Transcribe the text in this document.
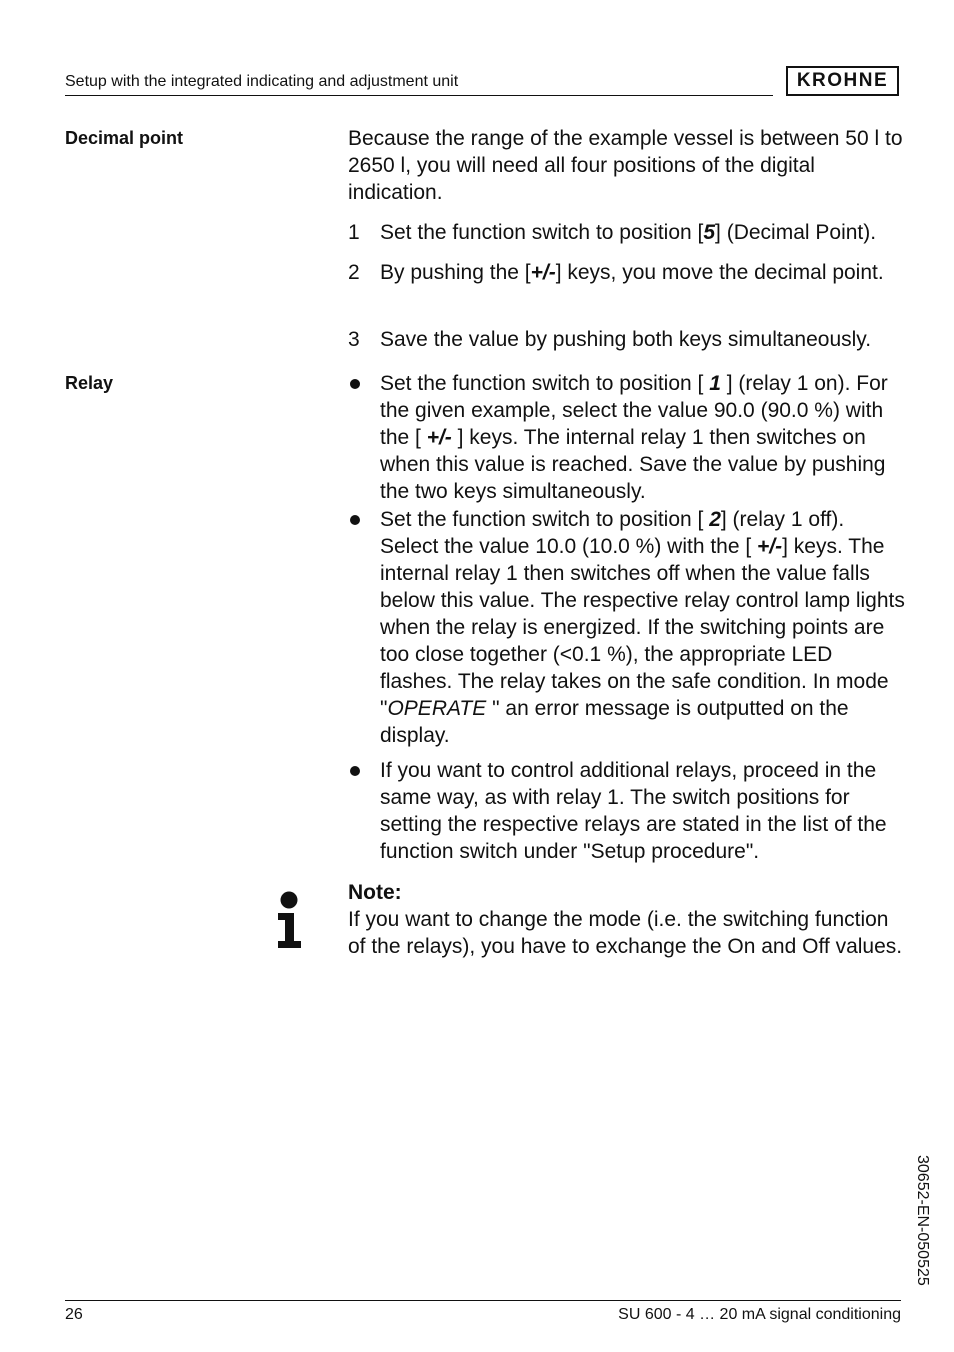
Setup with the integrated indicating and adjustment unit	KROHNE
Decimal point	Because the range of the example vessel is between 50 l to 2650 l, you will need all four positions of the digital indication.
1 Set the function switch to position [5] (Decimal Point).
2 By pushing the [+/-] keys, you move the decimal point.
3 Save the value by pushing both keys simultaneously.
Relay	Set the function switch to position [ 1 ] (relay 1 on). For the given example, select the value 90.0 (90.0 %) with the [ +/- ] keys. The internal relay 1 then switches on when this value is reached. Save the value by pushing the two keys simultaneously.
Set the function switch to position [ 2] (relay 1 off). Select the value 10.0 (10.0 %) with the [ +/-] keys. The internal relay 1 then switches off when the value falls below this value. The respective relay control lamp lights when the relay is energized. If the switching points are too close together (<0.1 %), the appropriate LED flashes. The relay takes on the safe condition. In mode "OPERATE " an error message is outputted on the display.
If you want to control additional relays, proceed in the same way, as with relay 1. The switch positions for setting the respective relays are stated in the list of the function switch under "Setup procedure".
Note:
If you want to change the mode (i.e. the switching function of the relays), you have to exchange the On and Off values.
30652-EN-050525
26	SU 600 - 4 … 20 mA signal conditioning
